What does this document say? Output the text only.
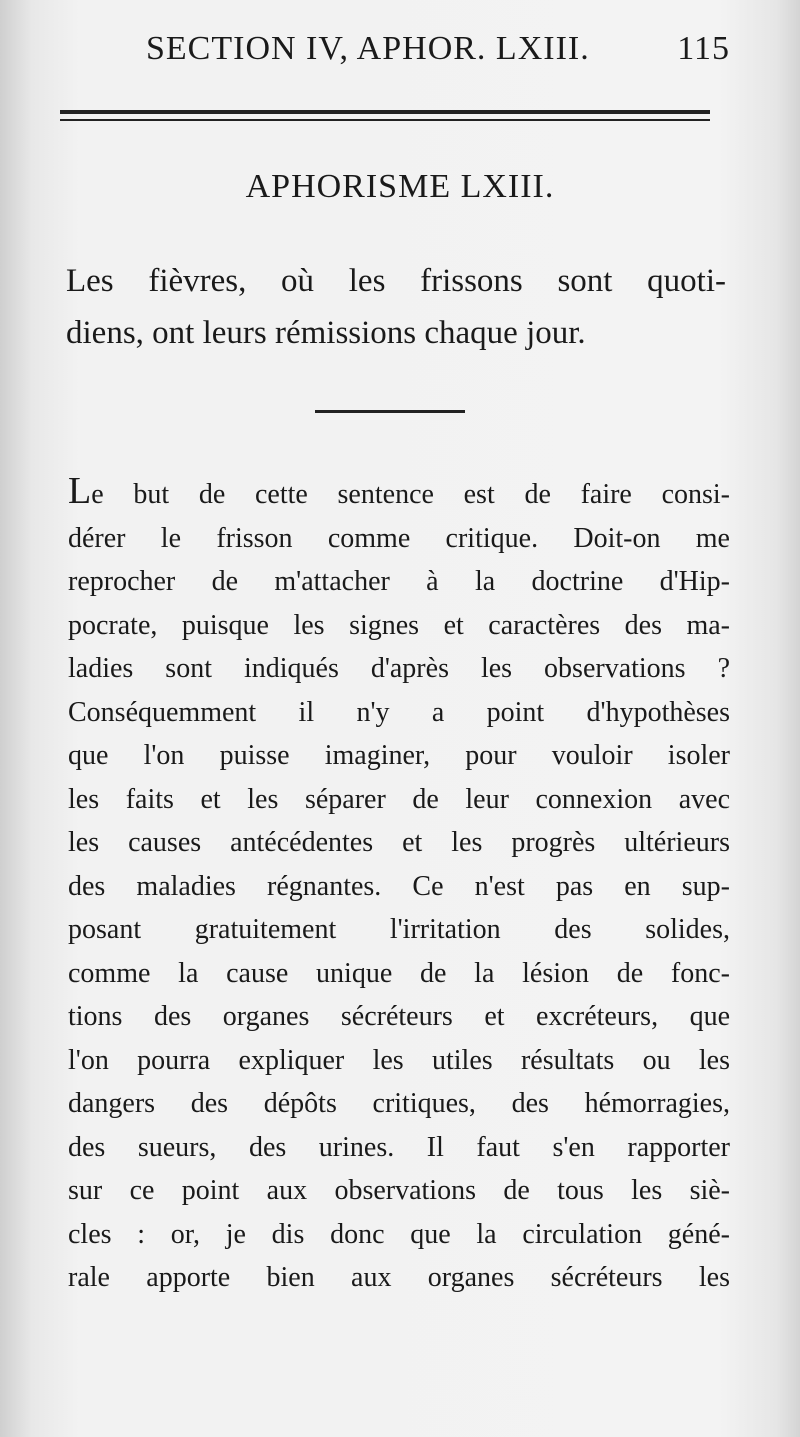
SECTION IV, APHOR. LXIII.	115
APHORISME LXIII.
Les fièvres, où les frissons sont quoti-
diens, ont leurs rémissions chaque jour.
Le but de cette sentence est de faire consi-
dérer le frisson comme critique. Doit-on me
reprocher de m'attacher à la doctrine d'Hip-
pocrate, puisque les signes et caractères des ma-
ladies sont indiqués d'après les observations ?
Conséquemment il n'y a point d'hypothèses
que l'on puisse imaginer, pour vouloir isoler
les faits et les séparer de leur connexion avec
les causes antécédentes et les progrès ultérieurs
des maladies régnantes. Ce n'est pas en sup-
posant gratuitement l'irritation des solides,
comme la cause unique de la lésion de fonc-
tions des organes sécréteurs et excréteurs, que
l'on pourra expliquer les utiles résultats ou les
dangers des dépôts critiques, des hémorragies,
des sueurs, des urines. Il faut s'en rapporter
sur ce point aux observations de tous les siè-
cles : or, je dis donc que la circulation géné-
rale apporte bien aux organes sécréteurs les
